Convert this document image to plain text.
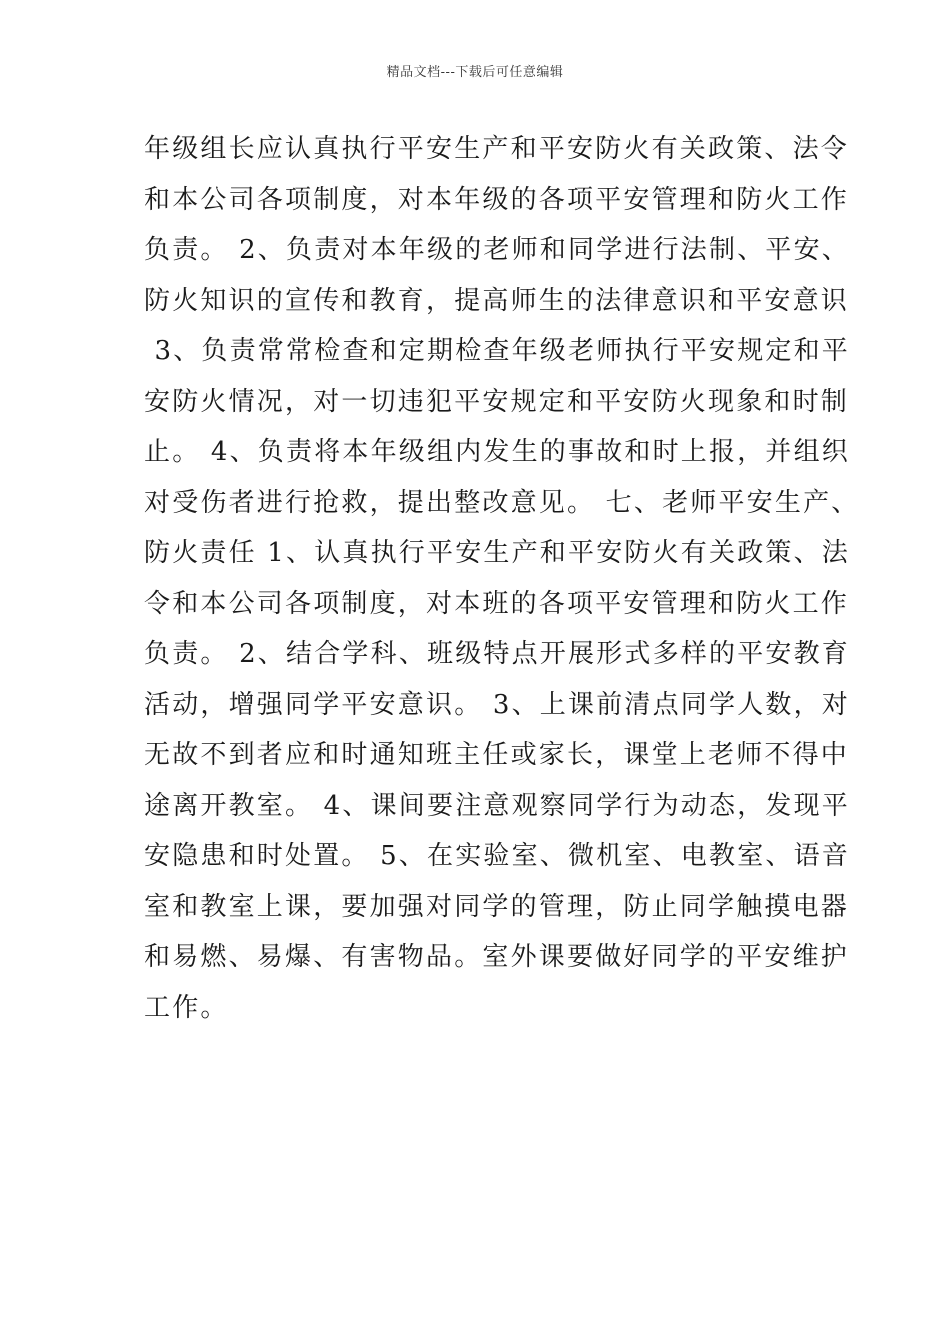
精品文档---下载后可任意编辑
年级组长应认真执行平安生产和平安防火有关政策、法令
和本公司各项制度，对本年级的各项平安管理和防火工作
负责。 2、负责对本年级的老师和同学进行法制、平安、
防火知识的宣传和教育，提高师生的法律意识和平安意识
3、负责常常检查和定期检查年级老师执行平安规定和平
安防火情况，对一切违犯平安规定和平安防火现象和时制
止。 4、负责将本年级组内发生的事故和时上报，并组织
对受伤者进行抢救，提出整改意见。 七、老师平安生产、
防火责任 1、认真执行平安生产和平安防火有关政策、法
令和本公司各项制度，对本班的各项平安管理和防火工作
负责。 2、结合学科、班级特点开展形式多样的平安教育
活动，增强同学平安意识。 3、上课前清点同学人数，对
无故不到者应和时通知班主任或家长，课堂上老师不得中
途离开教室。 4、课间要注意观察同学行为动态，发现平
安隐患和时处置。 5、在实验室、微机室、电教室、语音
室和教室上课，要加强对同学的管理，防止同学触摸电器
和易燃、易爆、有害物品。室外课要做好同学的平安维护
工作。
